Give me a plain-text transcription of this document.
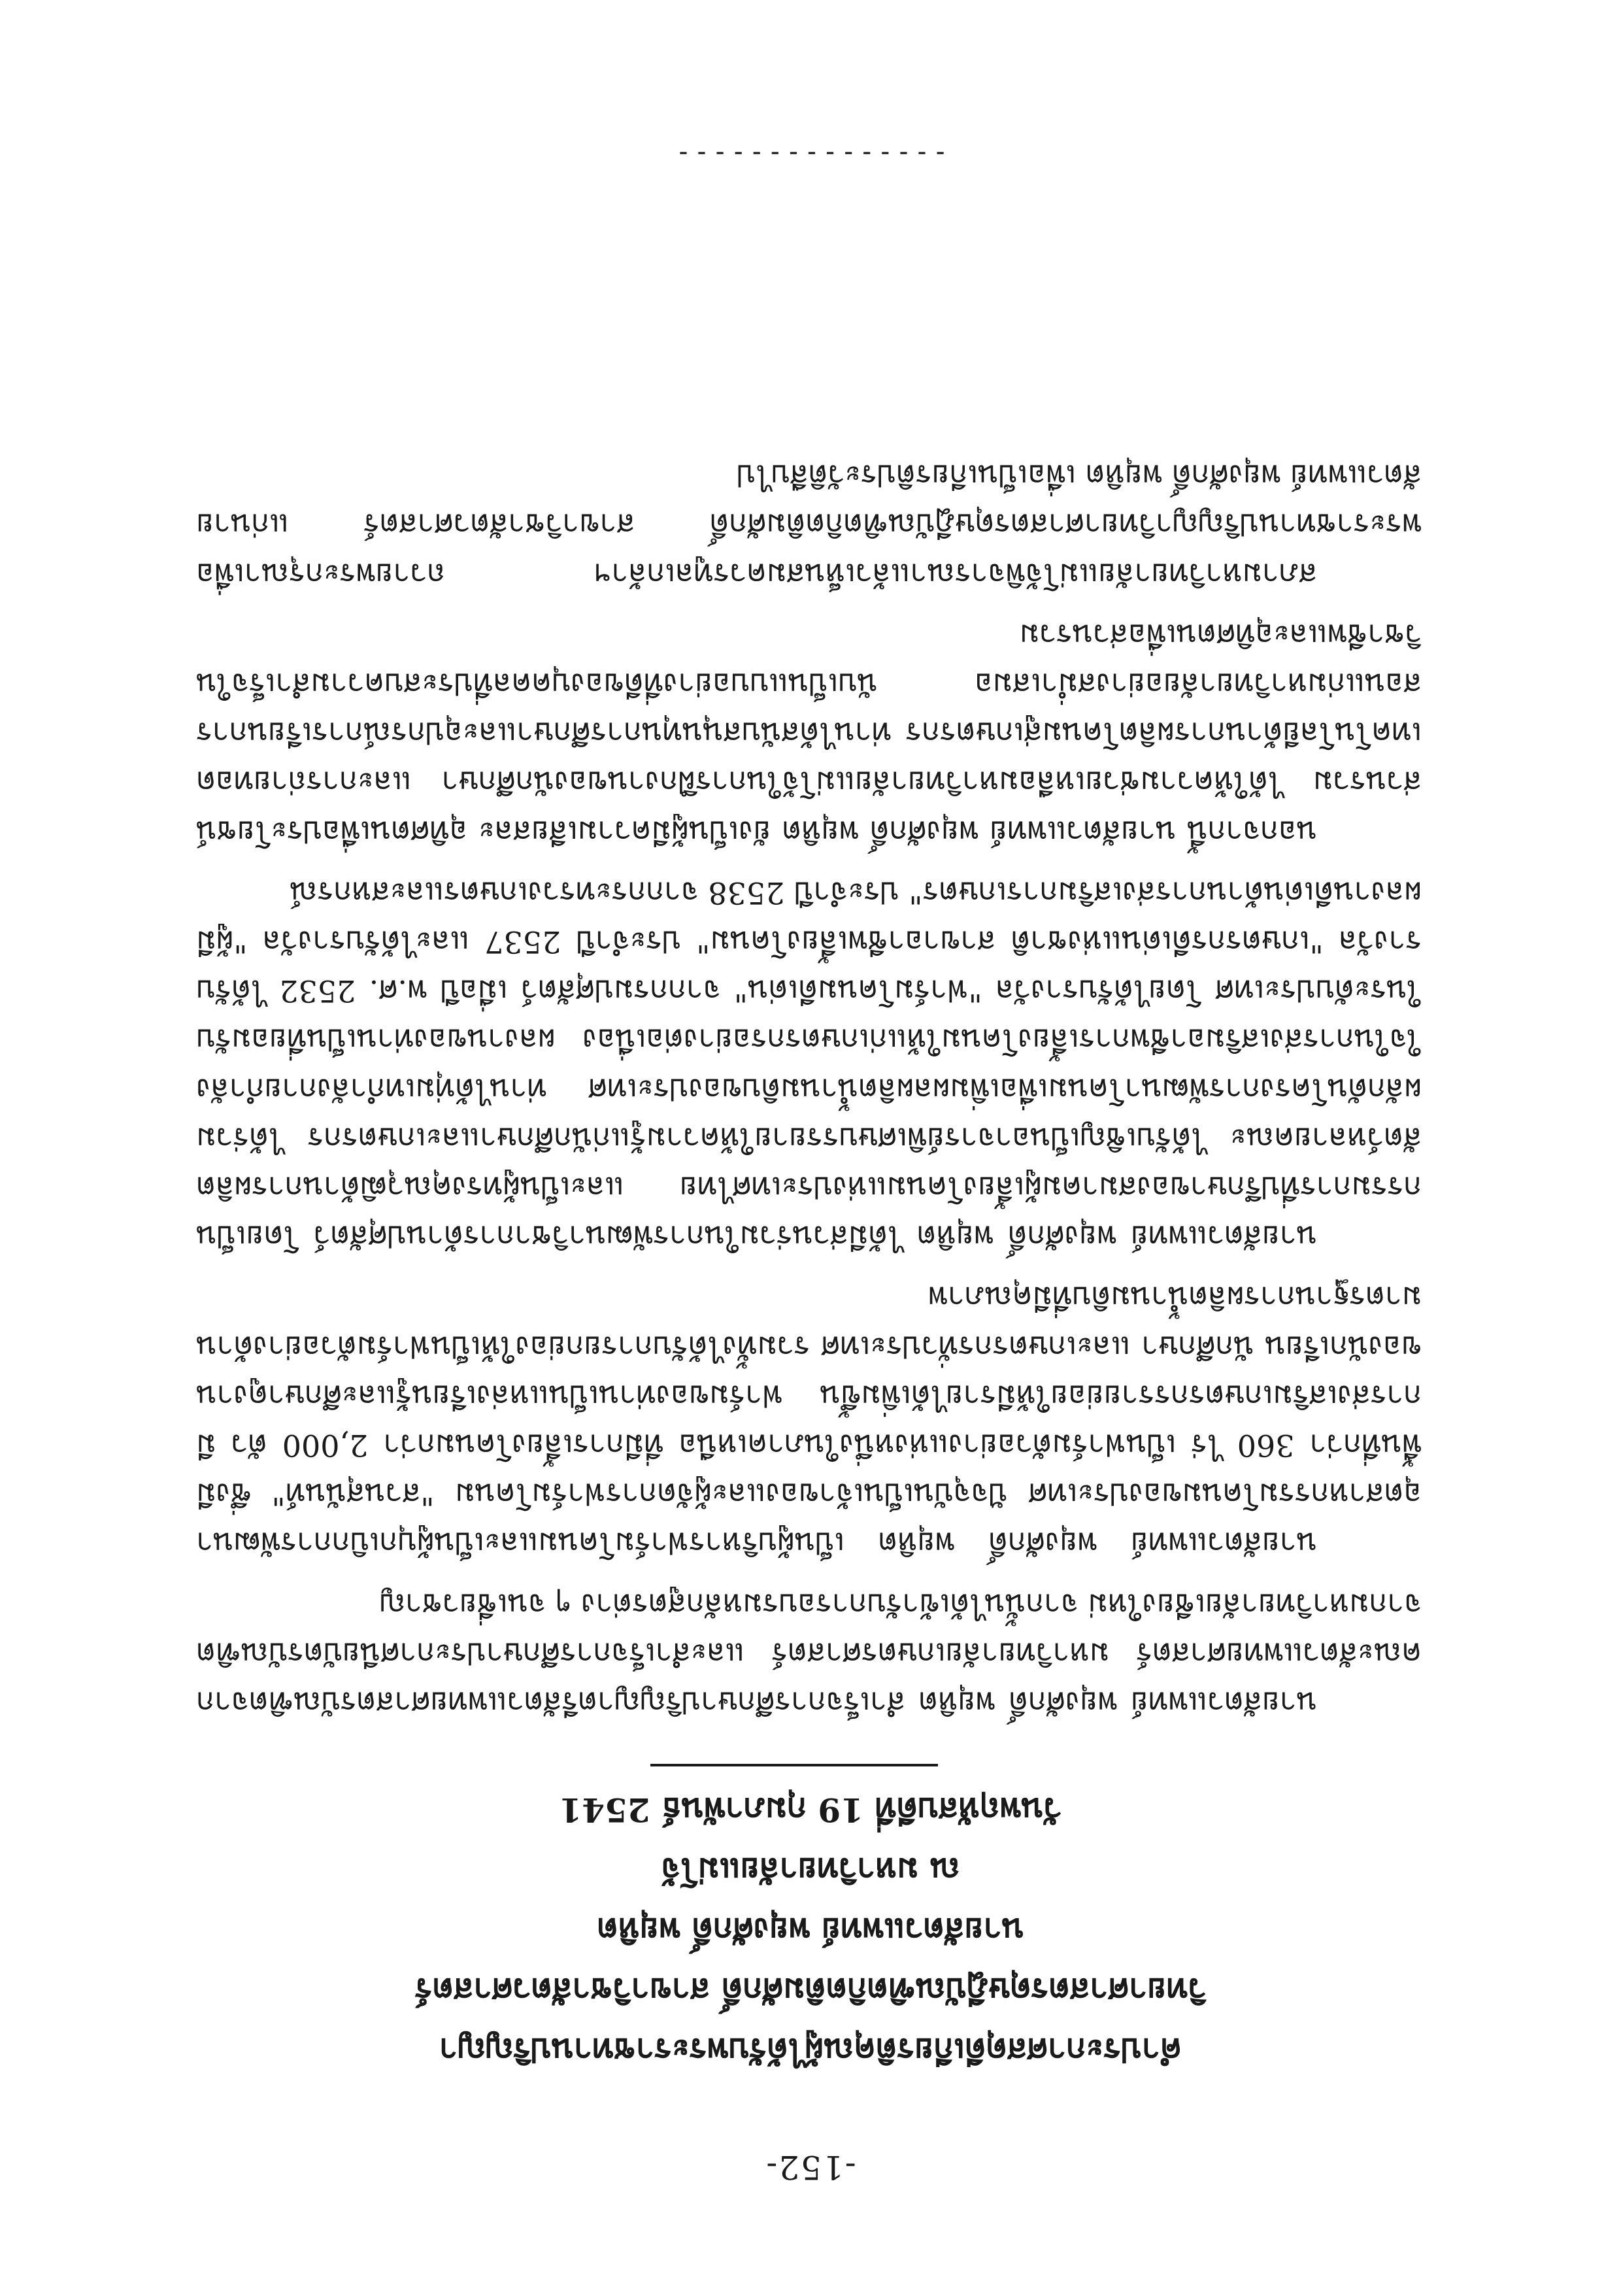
-152-
คำประกาศสดุดีเกียรติคุณผู้ได้รับพระราชทานปริญญา
วิทยาศาสตรดุษฎีบัณฑิตกิตติมศักดิ์ สาขาวิชาสัตวศาสตร์
นายสัตวแพทย์ พยุงศักดิ์ พยุหิต
ณ มหาวิทยาลัยแม่โจ้
วันพฤหัสบดีที่ 19 กุมภาพันธ์ 2541

นายสัตวแพทย์ พยุงศักดิ์ พยุหิต สำเร็จการศึกษาปริญญาตรีสัตวแพทยศาสตรบัณฑิตจากคณะสัตวแพทยศาสตร์ มหาวิทยาลัยเกษตรศาสตร์ และสำเร็จการศึกษาประกาศนียบัตรบัณฑิตจากมหาวิทยาลัยเชียงใหม่ จากนั้นได้เข้ารับการอบรมหลักสูตรต่าง ๆ จนเชี่ยวชาญ

นายสัตวแพทย์ พยุงศักดิ์ พยุหิต เป็นผู้บริหารฟาร์มโคนมและเป็นผู้บุกเบิกการพัฒนาอุตสาหกรรมโคนมของประเทศ ปัจจุบันเป็นเจ้าของและผู้จัดการฟาร์มโคนม "สวนสุนันท์" ซึ่งมีพื้นที่กว่า 360 ไร่ เป็นฟาร์มตัวอย่างแห่งหนึ่งในภาคเหนือ ที่มีการเลี้ยงโคนมกว่า 2,000 ตัว มีการส่งเสริมเกษตรกรรายย่อยให้มีรายได้เพิ่มขึ้น ฟาร์มของท่านเป็นแหล่งเรียนรู้และศึกษาดูงานของนักเรียน นักศึกษา และเกษตรกรทั่วประเทศ รวมทั้งได้รับการยกย่องให้เป็นฟาร์มตัวอย่างด้านมาตรฐานการผลิตน้ำนมดิบที่มีคุณภาพ

นายสัตวแพทย์ พยุงศักดิ์ พยุหิต ได้มีส่วนร่วมในการพัฒนาวิชาการด้านปศุสัตว์ โดยเป็นกรรมการที่ปรึกษาของสมาคมผู้เลี้ยงโคนมแห่งประเทศไทย และเป็นผู้ทรงคุณวุฒิด้านการผลิตสัตว์หลายคณะ ได้รับเชิญเป็นอาจารย์พิเศษบรรยายให้ความรู้แก่นักศึกษาและเกษตรกร ได้ร่วมผลักดันโครงการพัฒนาโคนมเพื่อเพิ่มผลผลิตน้ำนมดิบของประเทศ ท่านได้ทุ่มเทกำลังกายกำลังใจในการส่งเสริมอาชีพการเลี้ยงโคนมให้แก่เกษตรกรอย่างต่อเนื่อง ผลงานของท่านเป็นที่ยอมรับในระดับประเทศ โดยได้รับรางวัล "ฟาร์มโคนมดีเด่น" จากกรมปศุสัตว์ เมื่อปี พ.ศ. 2532 ได้รับรางวัล "เกษตรกรดีเด่นแห่งชาติ สาขาอาชีพเลี้ยงโคนม" ประจำปี 2537 และได้รับรางวัล "ผู้มีผลงานดีเด่นด้านการส่งเสริมการเกษตร" ประจำปี 2538 จากกระทรวงเกษตรและสหกรณ์

นอกจากนี้ นายสัตวแพทย์ พยุงศักดิ์ พยุหิต ยังเป็นผู้มีความเสียสละ อุทิศตนเพื่อประโยชน์ส่วนรวม ได้ให้ความช่วยเหลือมหาวิทยาลัยแม่โจ้ในการฝึกงานของนักศึกษา และการถ่ายทอดเทคโนโลยีด้านการผลิตโคนมสู่เกษตรกร ท่านได้สนับสนุนทุนการศึกษาและอุปกรณ์การเรียนการสอนแก่มหาวิทยาลัยอย่างสม่ำเสมอ นับเป็นแบบอย่างที่ดีของบุคคลที่ประสบความสำเร็จในวิชาชีพและอุทิศตนเพื่อส่วนรวม

สภามหาวิทยาลัยแม่โจ้พิจารณาแล้วเห็นสมควรทูลเกล้าฯ ถวายพระกรุณาเพื่อพระราชทานปริญญาวิทยาศาสตรดุษฎีบัณฑิตกิตติมศักดิ์ สาขาวิชาสัตวศาสตร์ แก่นายสัตวแพทย์ พยุงศักดิ์ พยุหิต เพื่อเป็นเกียรติประวัติสืบไป

---------------
